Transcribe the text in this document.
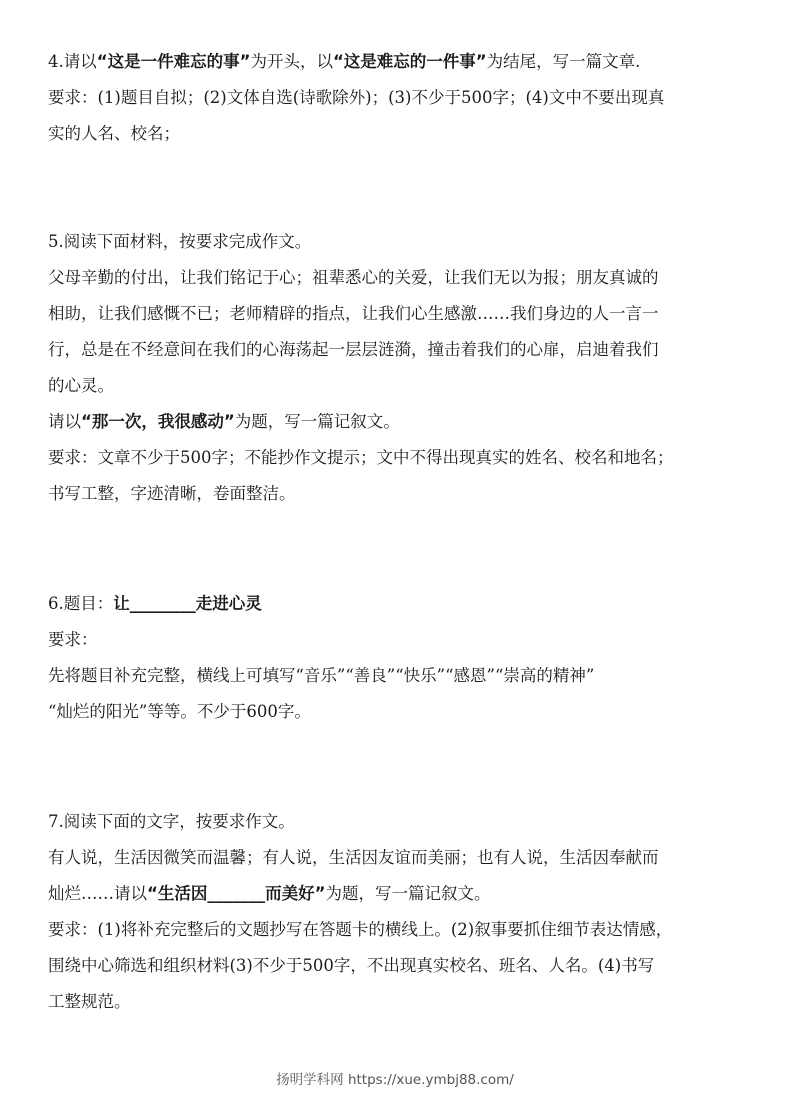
4.请以“这是一件难忘的事”为开头，以“这是难忘的一件事”为结尾，写一篇文章.
要求：(1)题目自拟；(2)文体自选(诗歌除外)；(3)不少于500字；(4)文中不要出现真
实的人名、校名；
5.阅读下面材料，按要求完成作文。
父母辛勤的付出，让我们铭记于心；祖辈悉心的关爱，让我们无以为报；朋友真诚的
相助，让我们感慨不已；老师精辟的指点，让我们心生感激……我们身边的人一言一
行，总是在不经意间在我们的心海荡起一层层涟漪，撞击着我们的心扉，启迪着我们
的心灵。
请以“那一次，我很感动”为题，写一篇记叙文。
要求：文章不少于500字；不能抄作文提示；文中不得出现真实的姓名、校名和地名；
书写工整，字迹清晰，卷面整洁。
6.题目：让________走进心灵
要求：
先将题目补充完整，横线上可填写“音乐”“善良”“快乐”“感恩”“崇高的精神”
“灿烂的阳光”等等。不少于600字。
7.阅读下面的文字，按要求作文。
有人说，生活因微笑而温馨；有人说，生活因友谊而美丽；也有人说，生活因奉献而
灿烂……请以“生活因_______而美好”为题，写一篇记叙文。
要求：(1)将补充完整后的文题抄写在答题卡的横线上。(2)叙事要抓住细节表达情感，
围绕中心筛选和组织材料(3)不少于500字，不出现真实校名、班名、人名。(4)书写
工整规范。
扬明学科网 https://xue.ymbj88.com/
